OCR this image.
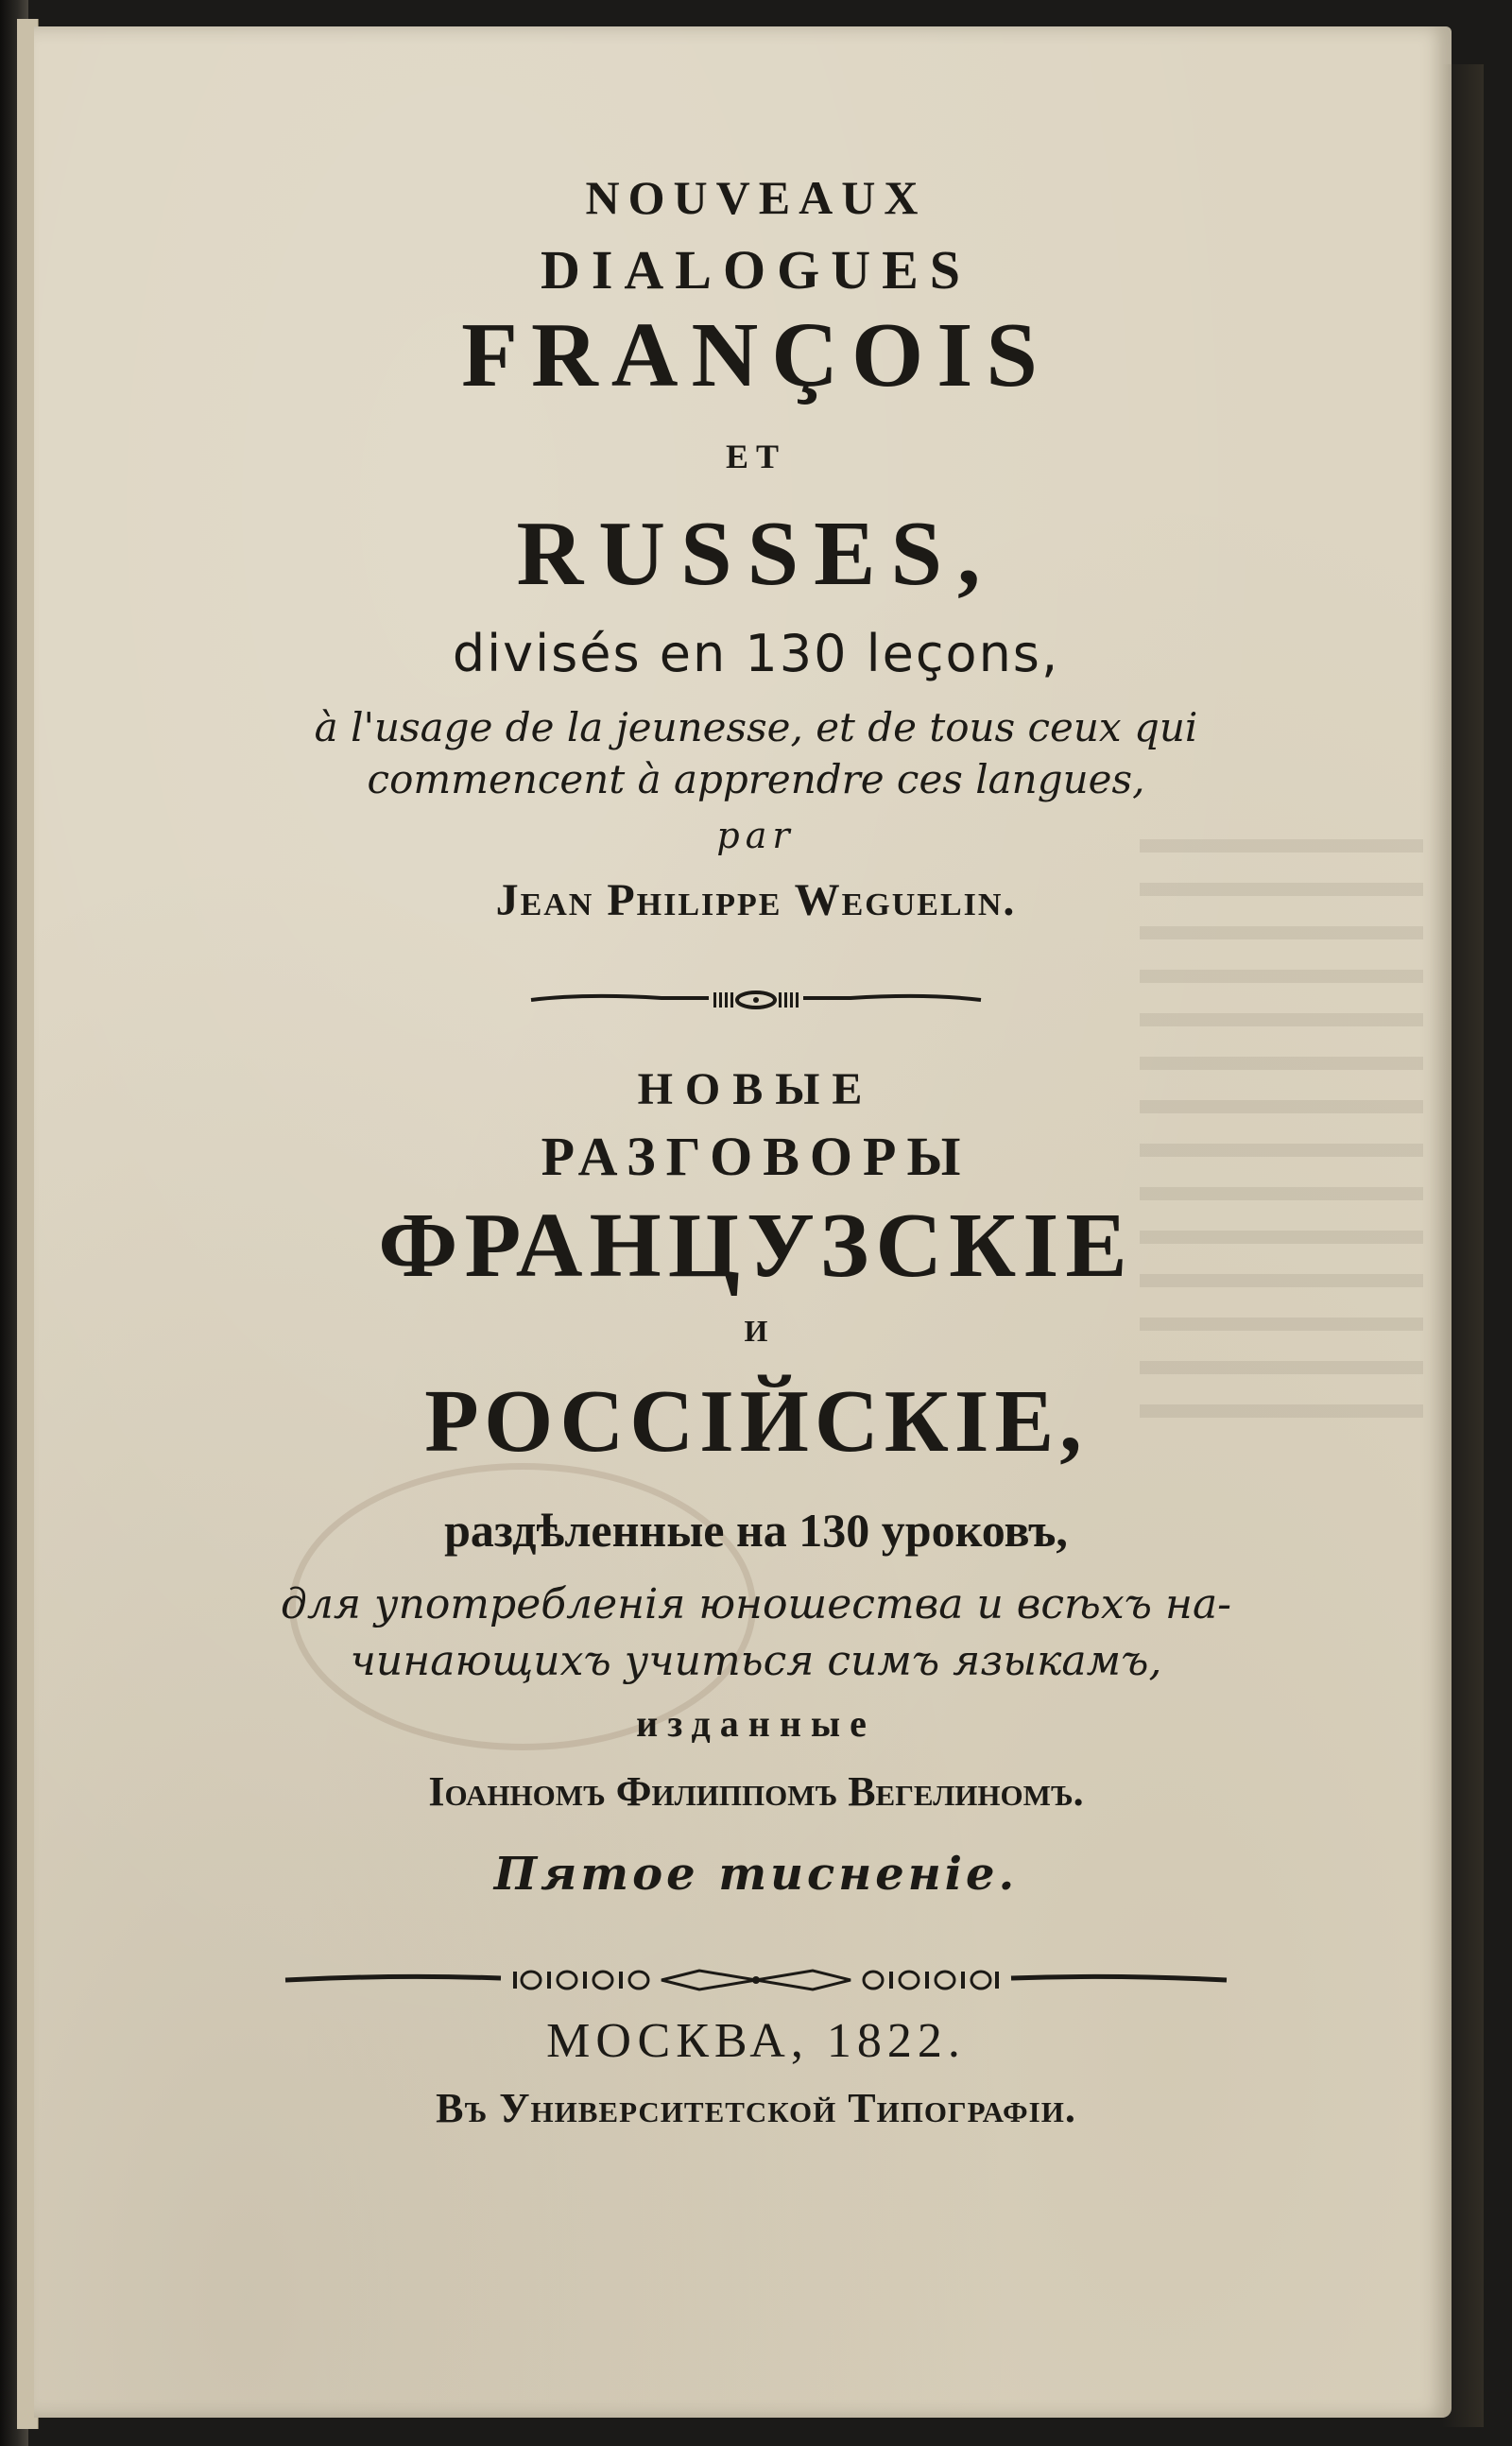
NOUVEAUX

DIALOGUES

FRANÇOIS

ET

RUSSES,

divisés en 130 leçons,

à l'usage de la jeunesse, et de tous ceux qui

commencent à apprendre ces langues,

par

Jean Philippe Weguelin.

НОВЫЕ

РАЗГОВОРЫ

ФРАНЦУЗСКІЕ

И

РОССІЙСКІЕ,

раздѣленные на 130 уроковъ,

для употребленія юношества и всѣхъ на-

чинающихъ учиться симъ языкамъ,

изданные

Іоанномъ Филиппомъ Вегелиномъ.

Пятое тисненіе.

МОСКВА, 1822.

Въ Университетской Типографіи.
